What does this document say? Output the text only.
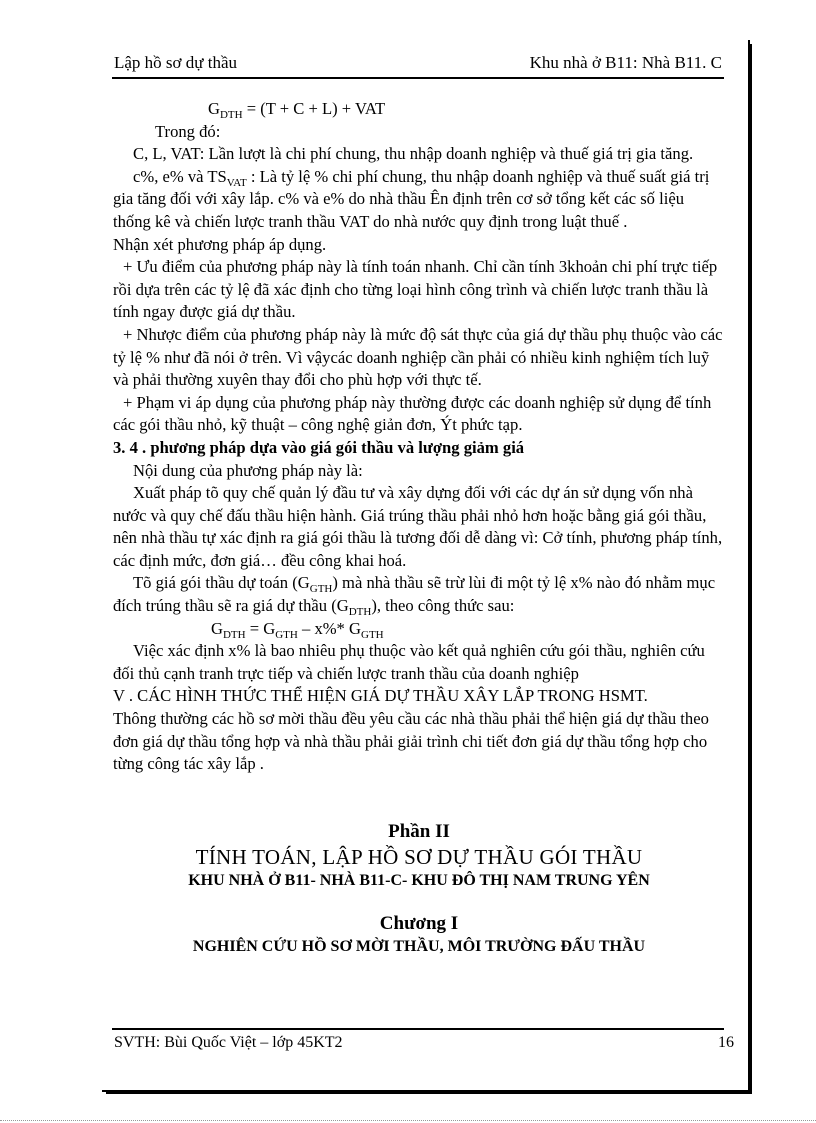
Lập hồ sơ dự thầu	Khu nhà ở B11: Nhà B11. C

$G_{DTH} = (T + C + L)$ + VAT

Trong đó:

C, L, VAT: Lần lượt là chi phí chung, thu nhập doanh nghiệp và thuế giá trị gia tăng.

c%, e% và $TS_{VAT}$ : Là tỷ lệ % chi phí chung, thu nhập doanh nghiệp và thuế suất giá trị gia tăng đối với xây lắp. c% và e% do nhà thầu Ên định trên cơ sở tổng kết các số liệu thống kê và chiến lược tranh thầu VAT do nhà nước quy định trong luật thuế .

Nhận xét phương pháp áp dụng.

+ Ưu điểm của phương pháp này là tính toán nhanh. Chỉ cần tính 3khoản chi phí trực tiếp rồi dựa trên các tỷ lệ đã xác định cho từng loại hình công trình và chiến lược tranh thầu là tính ngay được giá dự thầu.

+ Nhược điểm của phương pháp này là mức độ sát thực của giá dự thầu phụ thuộc vào các tỷ lệ % như đã nói ở trên. Vì vậycác doanh nghiệp cần phải có nhiều kinh nghiệm tích luỹ và phải thường xuyên thay đổi cho phù hợp với thực tế.

+ Phạm vi áp dụng của phương pháp này thường được các doanh nghiệp sử dụng để tính các gói thầu nhỏ, kỹ thuật – công nghệ giản đơn, Ýt phức tạp.

3. 4 . phương pháp dựa vào giá gói thầu và lượng giảm giá

Nội dung của phương pháp này là:

Xuất pháp tõ quy chế quản lý đầu tư và xây dựng đối với các dự án sử dụng vốn nhà nước và quy chế đấu thầu hiện hành. Giá trúng thầu phải nhỏ hơn hoặc bằng giá gói thầu, nên nhà thầu tự xác định ra giá gói thầu là tương đối dễ dàng vì: Cở tính, phương pháp tính, các định mức, đơn giá… đều công khai hoá.

Tõ giá gói thầu dự toán $(G_{GTH})$ mà nhà thầu sẽ trừ lùi đi một tỷ lệ x% nào đó nhằm mục đích trúng thầu sẽ ra giá dự thầu $(G_{DTH})$, theo công thức sau:

$G_{DTH} = G_{GTH} - x\%*$ $G_{GTH}$

Việc xác định x% là bao nhiêu phụ thuộc vào kết quả nghiên cứu gói thầu, nghiên cứu đối thủ cạnh tranh trực tiếp và chiến lược tranh thầu của doanh nghiệp

V . CÁC HÌNH THỨC THỂ HIỆN GIÁ DỰ THẦU XÂY LẮP TRONG HSMT.

Thông thường các hồ sơ mời thầu đều yêu cầu các nhà thầu phải thể hiện giá dự thầu theo đơn giá dự thầu tổng hợp và nhà thầu phải giải trình chi tiết đơn giá dự thầu tổng hợp cho từng công tác xây lắp .

Phần II

TÍNH TOÁN, LẬP HỒ SƠ DỰ THẦU GÓI THẦU

KHU NHÀ Ở B11- NHÀ B11-C- KHU ĐÔ THỊ NAM TRUNG YÊN

Chương I

NGHIÊN CỨU HỒ SƠ MỜI THẦU, MÔI TRƯỜNG ĐẤU THẦU

SVTH: Bùi Quốc Việt – lớp 45KT2	16
